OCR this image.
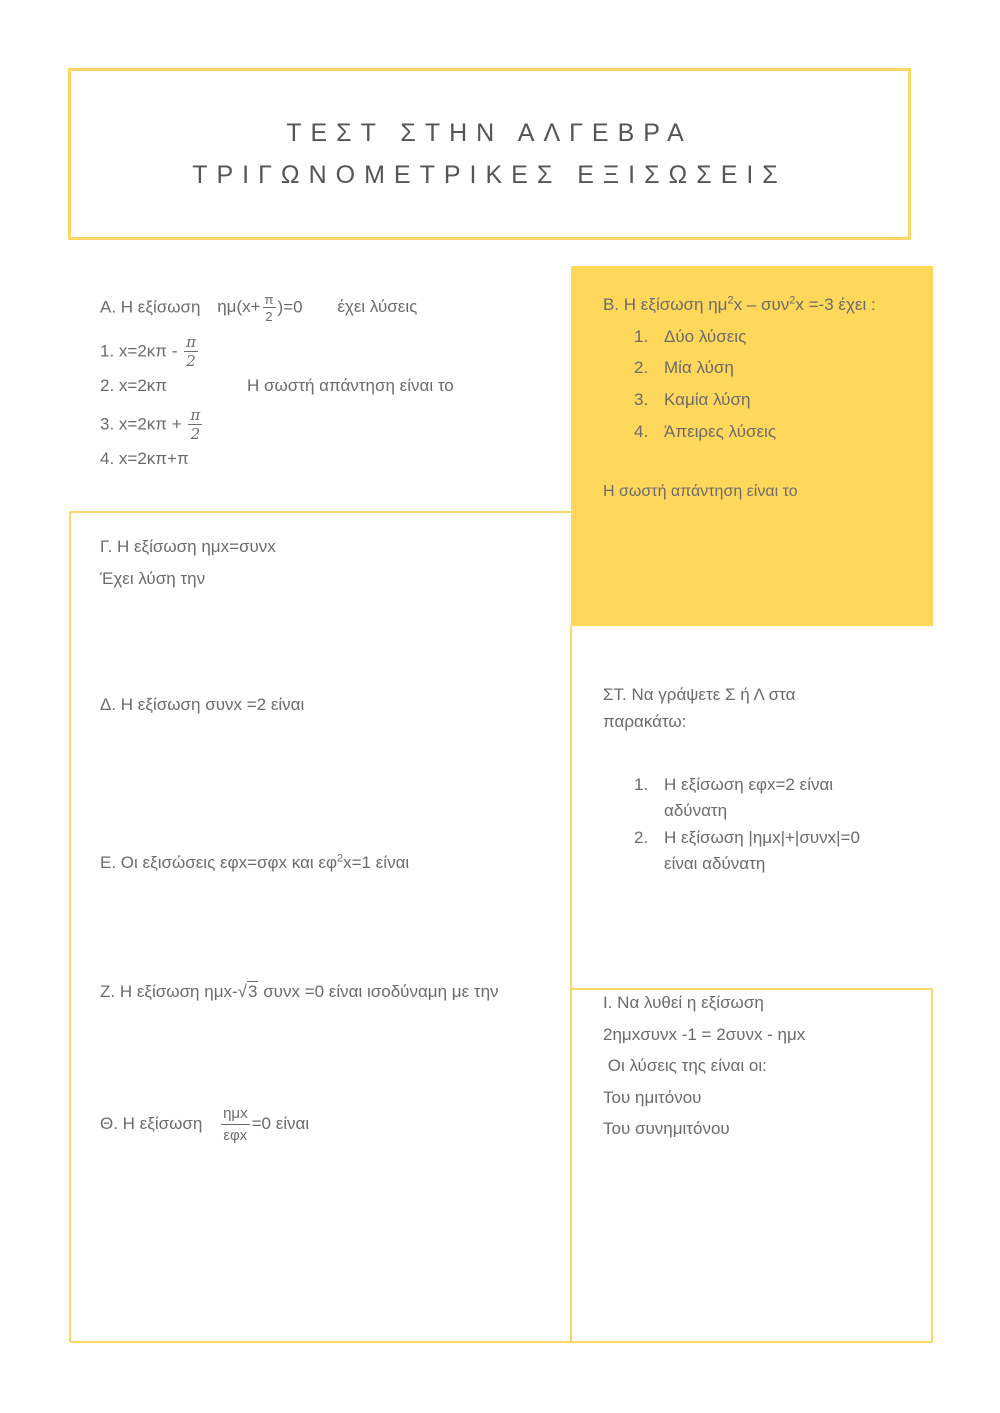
ΤΕΣΤ ΣΤΗΝ ΑΛΓΕΒΡΑ
ΤΡΙΓΩΝΟΜΕΤΡΙΚΕΣ ΕΞΙΣΩΣΕΙΣ
Α. Η εξίσωση $\eta\mu(x+ \frac{\pi}{2} )=0$ έχει λύσεις
1. $x=2\kappa\pi - \frac{\pi}{2}$
2. x=2κπ	Η σωστή απάντηση είναι το
3. $x=2\kappa\pi + \frac{\pi}{2}$
4. x=2κπ+π
Β. Η εξίσωση $\eta\mu^2x - \sigma\upsilon\nu^2x =-3$ έχει :
1. Δύο λύσεις
2. Μία λύση
3. Καμία λύση
4. Άπειρες λύσεις
Η σωστή απάντηση είναι το
Γ. Η εξίσωση ημx=συνx
Έχει λύση την
Δ. Η εξίσωση συνx =2 είναι
Ε. Οι εξισώσεις εφx=σφx και $\varepsilon\varphi^2x=1$ είναι
Ζ. Η εξίσωση ημx-√3 συνx =0 είναι ισοδύναμη με την
Θ. Η εξίσωση $\frac{\text{ημx}}{\text{εφx}} =0$ είναι
ΣΤ. Να γράψετε Σ ή Λ στα
παρακάτω:
1. Η εξίσωση εφx=2 είναι
αδύνατη
2. Η εξίσωση |ημx|+|συνx|=0
είναι αδύνατη
Ι. Να λυθεί η εξίσωση
2ημxσυνx -1 = 2συνx - ημx
Οι λύσεις της είναι οι:
Του ημιτόνου
Του συνημιτόνου
